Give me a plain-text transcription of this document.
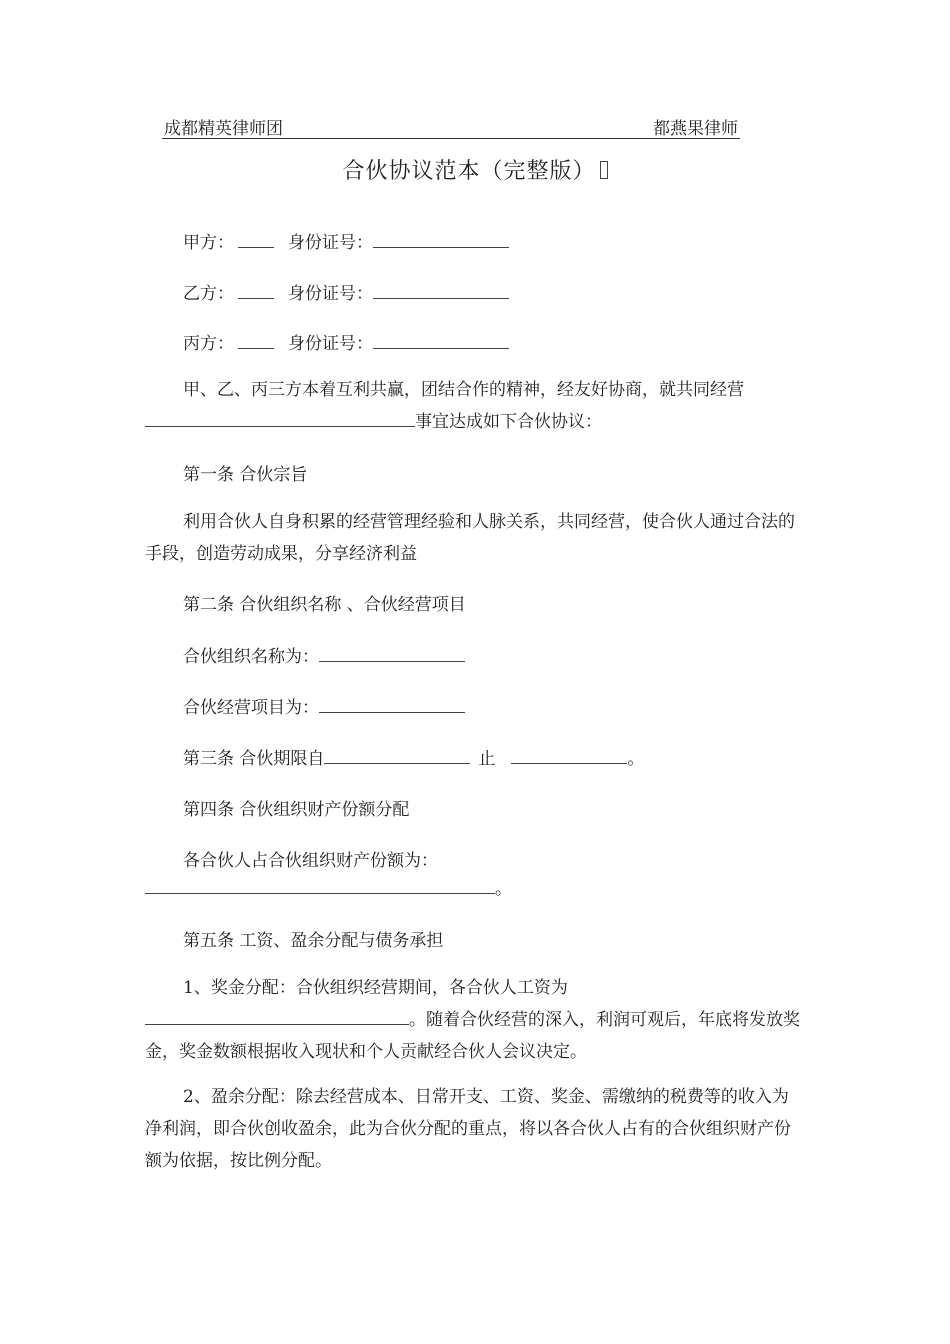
成都精英律师团	都燕果律师
合伙协议范本（完整版）
甲方：	身份证号：
乙方：	身份证号：
丙方：	身份证号：
甲、乙、丙三方本着互利共赢，团结合作的精神，经友好协商，就共同经营事宜达成如下合伙协议：
第一条 合伙宗旨
利用合伙人自身积累的经营管理经验和人脉关系，共同经营，使合伙人通过合法的手段，创造劳动成果，分享经济利益
第二条 合伙组织名称 、合伙经营项目
合伙组织名称为：
合伙经营项目为：
第三条 合伙期限自	止	。
第四条 合伙组织财产份额分配
各合伙人占合伙组织财产份额为：
。
第五条 工资、盈余分配与债务承担
1、奖金分配：合伙组织经营期间，各合伙人工资为。随着合伙经营的深入，利润可观后，年底将发放奖金，奖金数额根据收入现状和个人贡献经合伙人会议决定。
2、盈余分配：除去经营成本、日常开支、工资、奖金、需缴纳的税费等的收入为净利润，即合伙创收盈余，此为合伙分配的重点，将以各合伙人占有的合伙组织财产份额为依据，按比例分配。
